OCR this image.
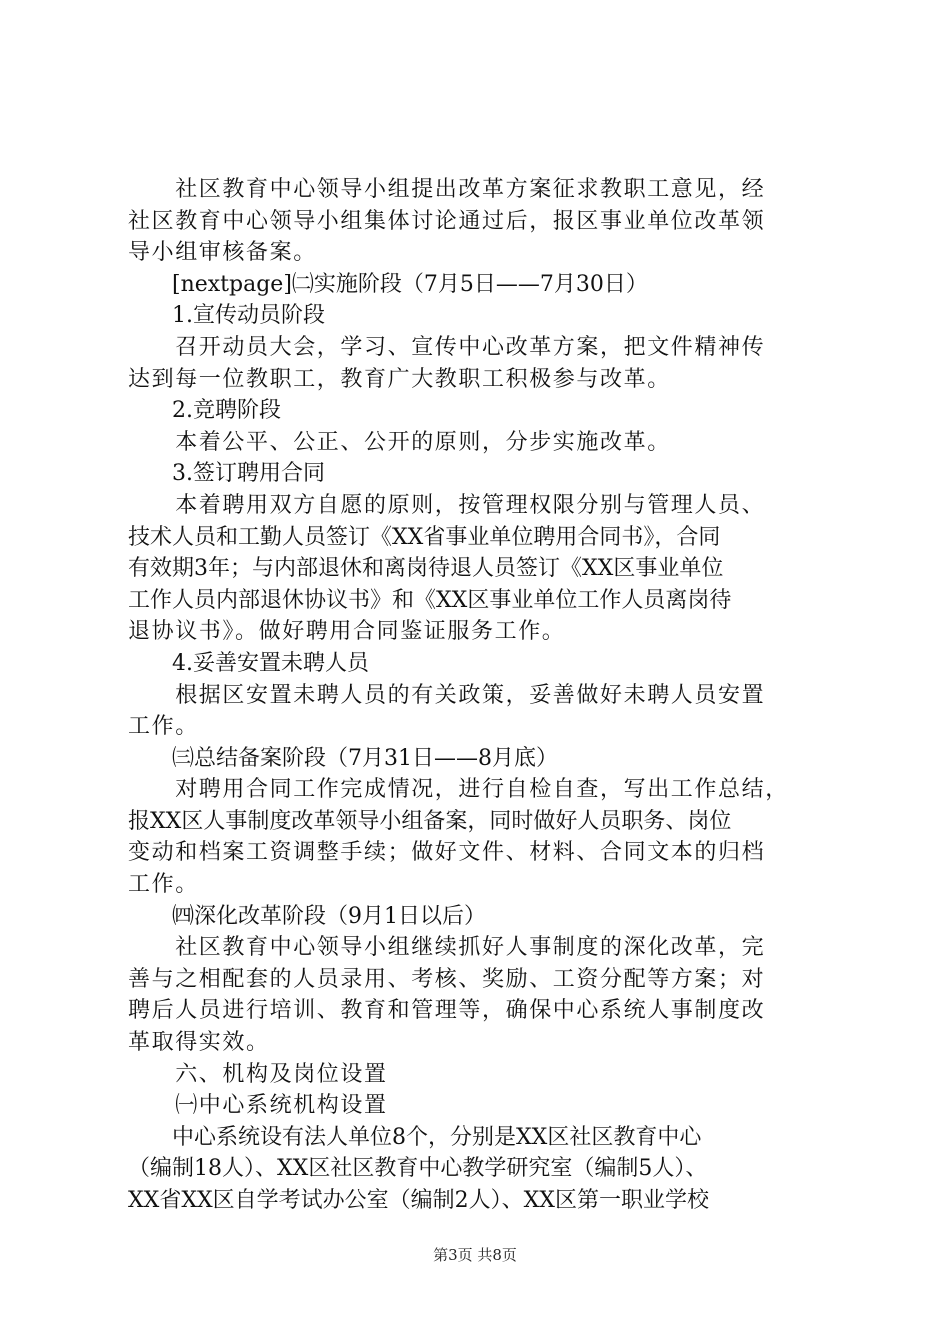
　　社区教育中心领导小组提出改革方案征求教职工意见，经
社区教育中心领导小组集体讨论通过后，报区事业单位改革领
导小组审核备案。
　　[nextpage]㈡实施阶段（7月5日——7月30日）
　　1.宣传动员阶段
　　召开动员大会，学习、宣传中心改革方案，把文件精神传
达到每一位教职工，教育广大教职工积极参与改革。
　　2.竞聘阶段
　　本着公平、公正、公开的原则，分步实施改革。
　　3.签订聘用合同
　　本着聘用双方自愿的原则，按管理权限分别与管理人员、
技术人员和工勤人员签订《XX省事业单位聘用合同书》，合同
有效期3年；与内部退休和离岗待退人员签订《XX区事业单位
工作人员内部退休协议书》和《XX区事业单位工作人员离岗待
退协议书》。做好聘用合同鉴证服务工作。
　　4.妥善安置未聘人员
　　根据区安置未聘人员的有关政策，妥善做好未聘人员安置
工作。
　　㈢总结备案阶段（7月31日——8月底）
　　对聘用合同工作完成情况，进行自检自查，写出工作总结，
报XX区人事制度改革领导小组备案，同时做好人员职务、岗位
变动和档案工资调整手续；做好文件、材料、合同文本的归档
工作。
　　㈣深化改革阶段（9月1日以后）
　　社区教育中心领导小组继续抓好人事制度的深化改革，完
善与之相配套的人员录用、考核、奖励、工资分配等方案；对
聘后人员进行培训、教育和管理等，确保中心系统人事制度改
革取得实效。
　　六、机构及岗位设置
　　㈠中心系统机构设置
　　中心系统设有法人单位8个，分别是XX区社区教育中心
（编制18人）、XX区社区教育中心教学研究室（编制5人）、
XX省XX区自学考试办公室（编制2人）、XX区第一职业学校
第3页 共8页
